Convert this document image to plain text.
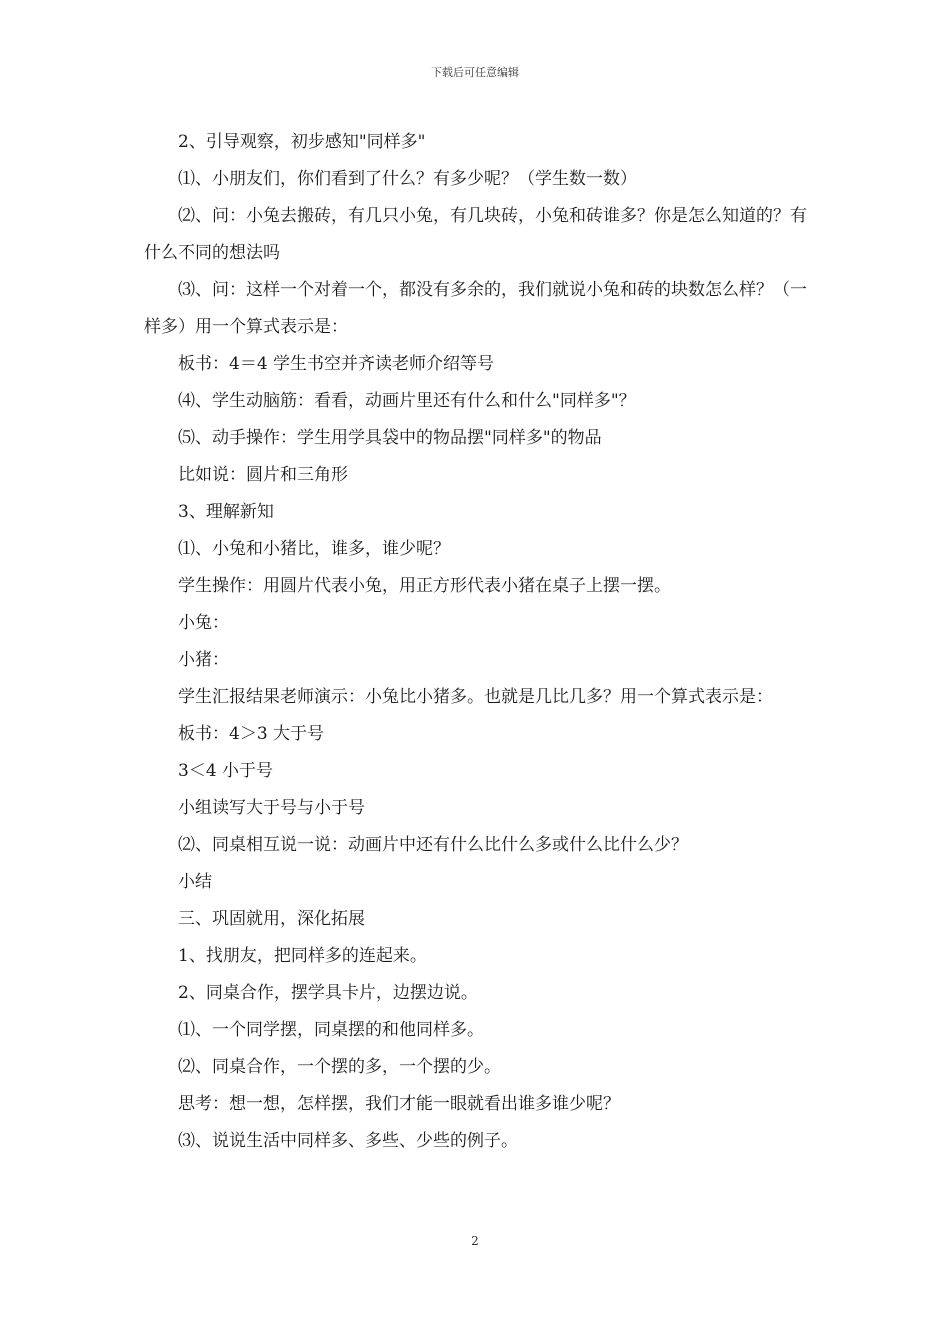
下载后可任意编辑

2、引导观察，初步感知"同样多"

⑴、小朋友们，你们看到了什么？有多少呢？（学生数一数）

⑵、问：小兔去搬砖，有几只小兔，有几块砖，小兔和砖谁多？你是怎么知道的？有什么不同的想法吗

⑶、问：这样一个对着一个，都没有多余的，我们就说小兔和砖的块数怎么样？（一样多）用一个算式表示是：

板书：4＝4 学生书空并齐读老师介绍等号

⑷、学生动脑筋：看看，动画片里还有什么和什么"同样多"？

⑸、动手操作：学生用学具袋中的物品摆"同样多"的物品

比如说：圆片和三角形

3、理解新知

⑴、小兔和小猪比，谁多，谁少呢？

学生操作：用圆片代表小兔，用正方形代表小猪在桌子上摆一摆。

小兔：

小猪：

学生汇报结果老师演示：小兔比小猪多。也就是几比几多？用一个算式表示是：

板书：4＞3 大于号

3＜4 小于号

小组读写大于号与小于号

⑵、同桌相互说一说：动画片中还有什么比什么多或什么比什么少？

小结

三、巩固就用，深化拓展

1、找朋友，把同样多的连起来。

2、同桌合作，摆学具卡片，边摆边说。

⑴、一个同学摆，同桌摆的和他同样多。

⑵、同桌合作，一个摆的多，一个摆的少。

思考：想一想，怎样摆，我们才能一眼就看出谁多谁少呢？

⑶、说说生活中同样多、多些、少些的例子。

2
